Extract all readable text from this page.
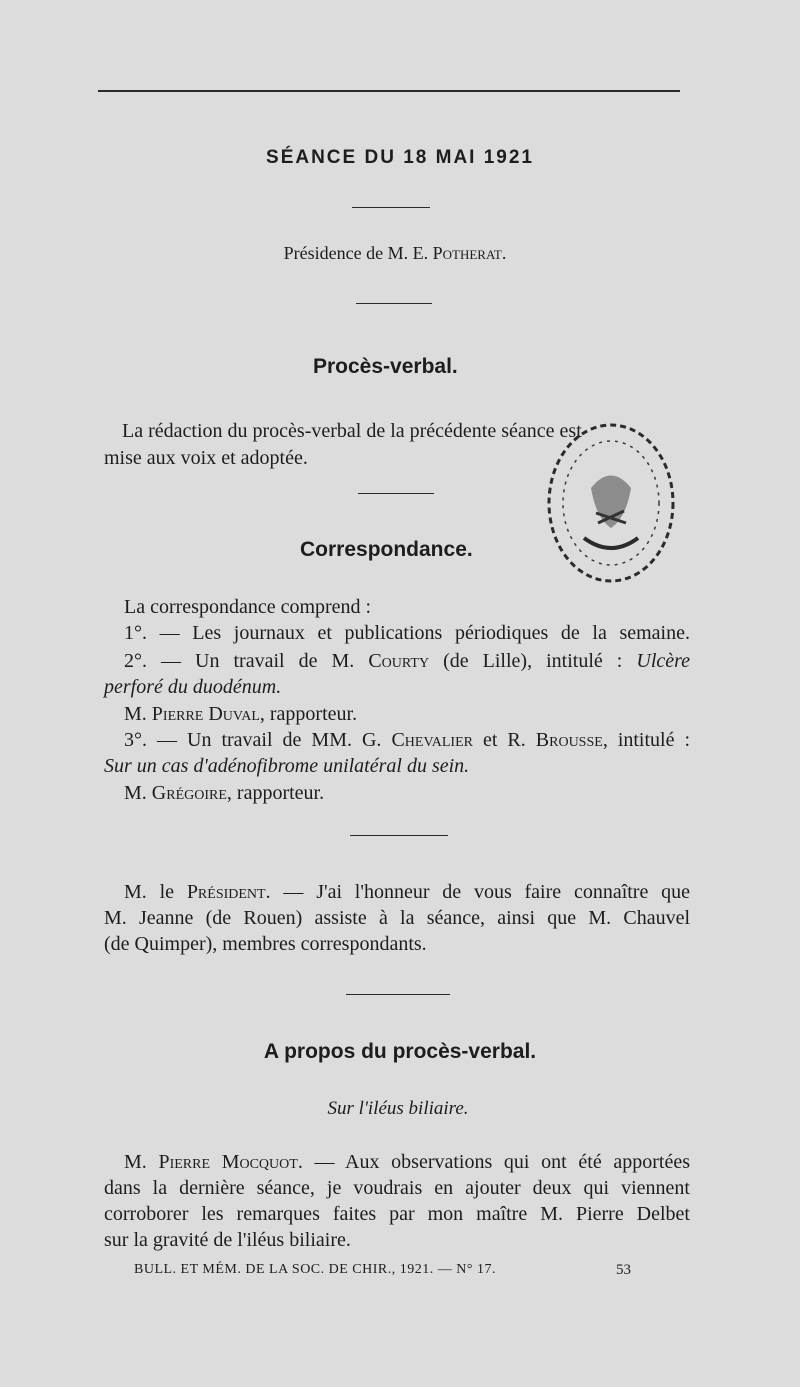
SÉANCE DU 18 MAI 1921
Présidence de M. E. Potherat.
Procès-verbal.
La rédaction du procès-verbal de la précédente séance est
mise aux voix et adoptée.
Correspondance.
La correspondance comprend :
1°. — Les journaux et publications périodiques de la semaine.
2°. — Un travail de M. Courty (de Lille), intitulé : Ulcère
perforé du duodénum.
M. Pierre Duval, rapporteur.
3°. — Un travail de MM. G. Chevalier et R. Brousse, intitulé :
Sur un cas d'adénofibrome unilatéral du sein.
M. Grégoire, rapporteur.
M. le Président. — J'ai l'honneur de vous faire connaître que
M. Jeanne (de Rouen) assiste à la séance, ainsi que M. Chauvel
(de Quimper), membres correspondants.
A propos du procès-verbal.
Sur l'iléus biliaire.
M. Pierre Mocquot. — Aux observations qui ont été apportées
dans la dernière séance, je voudrais en ajouter deux qui viennent
corroborer les remarques faites par mon maître M. Pierre Delbet
sur la gravité de l'iléus biliaire.
BULL. ET MÉM. DE LA SOC. DE CHIR., 1921. — N° 17.	53
